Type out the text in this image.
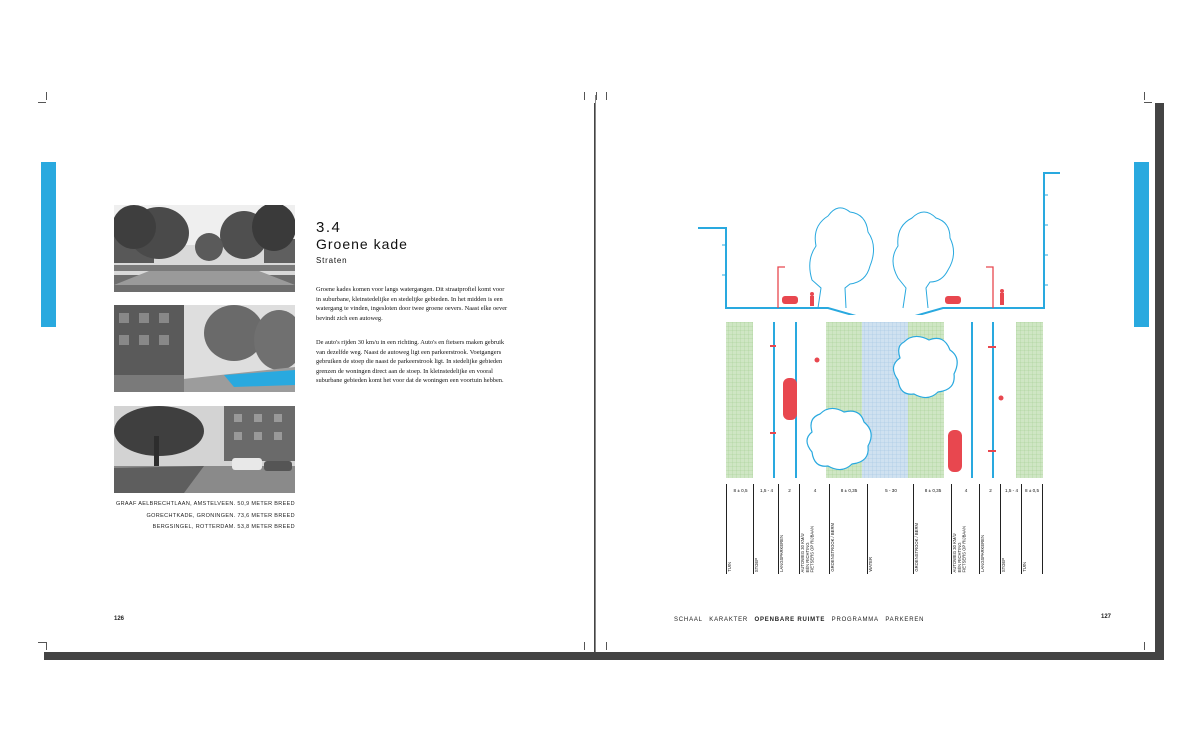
GRAAF AELBRECHTLAAN, AMSTELVEEN. 50,9 METER BREED
GORECHTKADE, GRONINGEN. 73,6 METER BREED
BERGSINGEL, ROTTERDAM. 53,8 METER BREED
3.4
Groene kade
Straten
Groene kades komen voor langs watergangen. Dit straatprofiel komt voor in suburbane, kleinstedelijke en stedelijke gebieden. In het midden is een watergang te vinden, ingesloten door twee groene oevers. Naast elke oever bevindt zich een autoweg.
De auto's rijden 30 km/u in een richting. Auto's en fietsers maken gebruik van dezelfde weg. Naast de autoweg ligt een parkeerstrook. Voetgangers gebruiken de stoep die naast de parkeerstrook ligt. In stedelijke gebieden grenzen de woningen direct aan de stoep. In kleinstedelijke en vooral suburbane gebieden komt het voor dat de woningen een voortuin hebben.
126	127
SCHAAL KARAKTER OPENBARE RUIMTE PROGRAMMA PARKEREN
8 ± 0,5
TUIN
1,5 - 4
STOEP
2
LANGSPARKEREN
4
AUTOWEG 30 KM/U
EÉN RICHTING
FIETSERS OP RIJBAAN
8 ± 0,35
GROENSTROOK / BERM
5 - 30
WATER
8 ± 0,35
GROENSTROOK / BERM
4
AUTOWEG 30 KM/U
EÉN RICHTING
FIETSERS OP RIJBAAN
2
LANGSPARKEREN
1,5 - 4
STOEP
8 ± 0,5
TUIN
